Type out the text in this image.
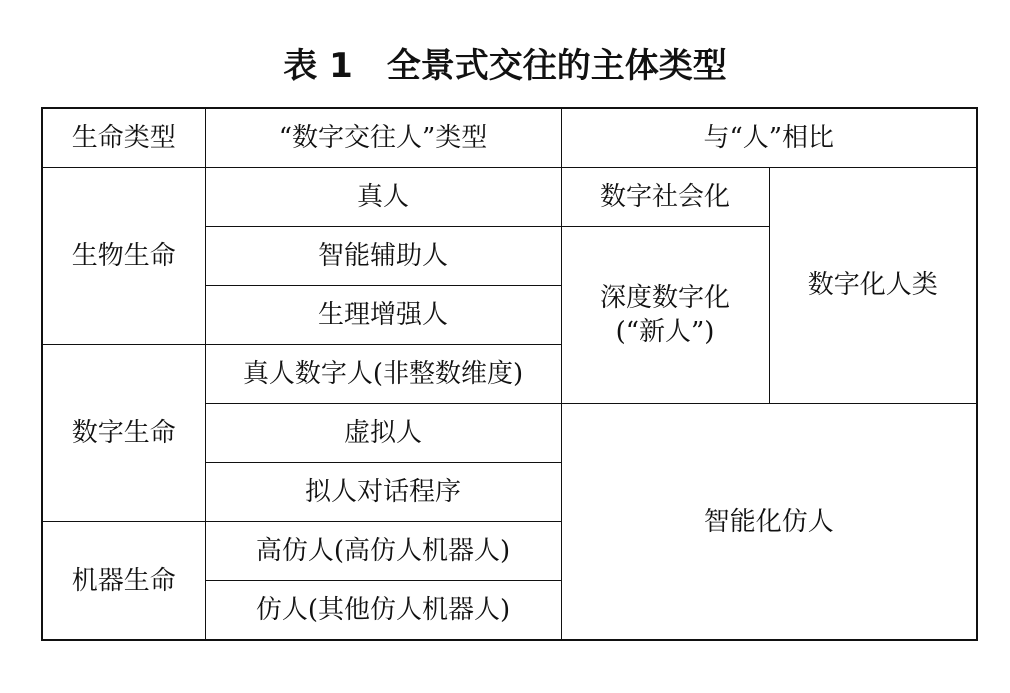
表 1　全景式交往的主体类型
生命类型	“数字交往人”类型	与“人”相比	
生物生命	真人	数字社会化	数字化人类
	智能辅助人	深度数字化
(“新人”)	

	生理增强人		
数字生命	真人数字人(非整数维度)		
	虚拟人	智能化仿人	
	拟人对话程序		
机器生命	高仿人(高仿人机器人)		
	仿人(其他仿人机器人)		
